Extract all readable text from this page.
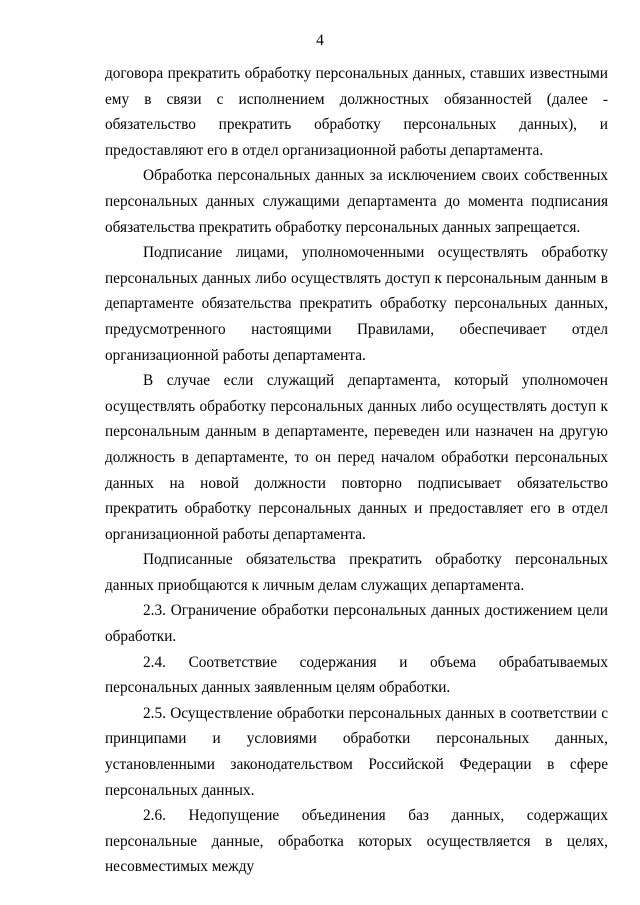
4

договора прекратить обработку персональных данных, ставших известными ему в связи с исполнением должностных обязанностей (далее - обязательство прекратить обработку персональных данных), и предоставляют его в отдел организационной работы департамента.

Обработка персональных данных за исключением своих собственных персональных данных служащими департамента до момента подписания обязательства прекратить обработку персональных данных запрещается.

Подписание лицами, уполномоченными осуществлять обработку персональных данных либо осуществлять доступ к персональным данным в департаменте обязательства прекратить обработку персональных данных, предусмотренного настоящими Правилами, обеспечивает отдел организационной работы департамента.

В случае если служащий департамента, который уполномочен осуществлять обработку персональных данных либо осуществлять доступ к персональным данным в департаменте, переведен или назначен на другую должность в департаменте, то он перед началом обработки персональных данных на новой должности повторно подписывает обязательство прекратить обработку персональных данных и предоставляет его в отдел организационной работы департамента.

Подписанные обязательства прекратить обработку персональных данных приобщаются к личным делам служащих департамента.

2.3. Ограничение обработки персональных данных достижением цели обработки.

2.4. Соответствие содержания и объема обрабатываемых персональных данных заявленным целям обработки.

2.5. Осуществление обработки персональных данных в соответствии с принципами и условиями обработки персональных данных, установленными законодательством Российской Федерации в сфере персональных данных.

2.6. Недопущение объединения баз данных, содержащих персональные данные, обработка которых осуществляется в целях, несовместимых между
